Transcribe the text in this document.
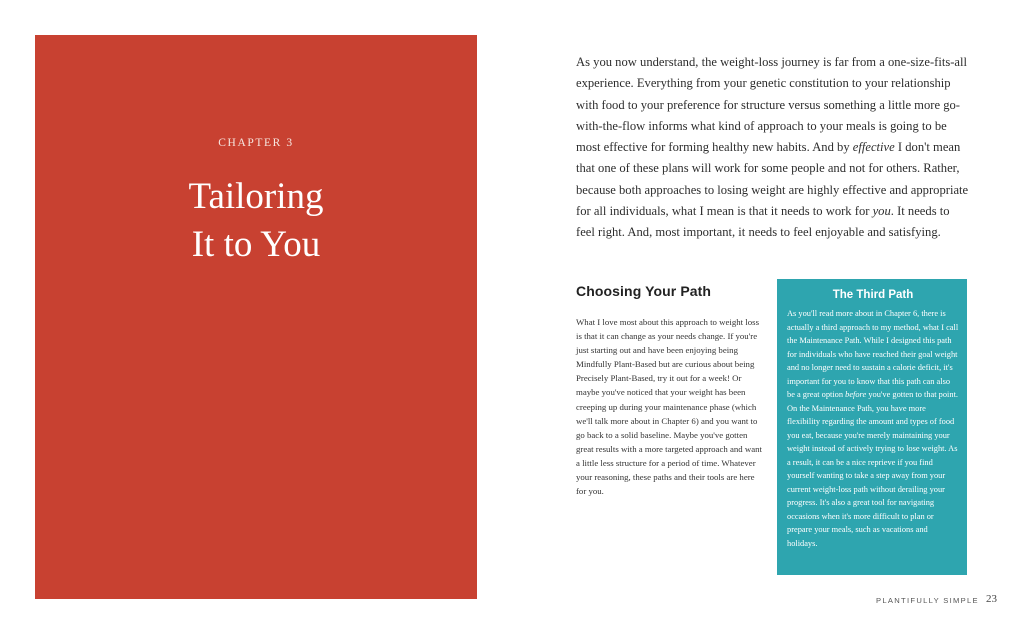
CHAPTER 3
Tailoring
It to You

As you now understand, the weight-loss journey is far from a one-size-fits-all experience. Everything from your genetic constitution to your relationship with food to your preference for structure versus something a little more go-with-the-flow informs what kind of approach to your meals is going to be most effective for forming healthy new habits. And by effective I don't mean that one of these plans will work for some people and not for others. Rather, because both approaches to losing weight are highly effective and appropriate for all individuals, what I mean is that it needs to work for you. It needs to feel right. And, most important, it needs to feel enjoyable and satisfying.

Choosing Your Path

What I love most about this approach to weight loss is that it can change as your needs change. If you're just starting out and have been enjoying being Mindfully Plant-Based but are curious about being Precisely Plant-Based, try it out for a week! Or maybe you've noticed that your weight has been creeping up during your maintenance phase (which we'll talk more about in Chapter 6) and you want to go back to a solid baseline. Maybe you've gotten great results with a more targeted approach and want a little less structure for a period of time. Whatever your reasoning, these paths and their tools are here for you.

The Third Path

As you'll read more about in Chapter 6, there is actually a third approach to my method, what I call the Maintenance Path. While I designed this path for individuals who have reached their goal weight and no longer need to sustain a calorie deficit, it's important for you to know that this path can also be a great option before you've gotten to that point. On the Maintenance Path, you have more flexibility regarding the amount and types of food you eat, because you're merely maintaining your weight instead of actively trying to lose weight. As a result, it can be a nice reprieve if you find yourself wanting to take a step away from your current weight-loss path without derailing your progress. It's also a great tool for navigating occasions when it's more difficult to plan or prepare your meals, such as vacations and holidays.

PLANTIFULLY SIMPLE 23
